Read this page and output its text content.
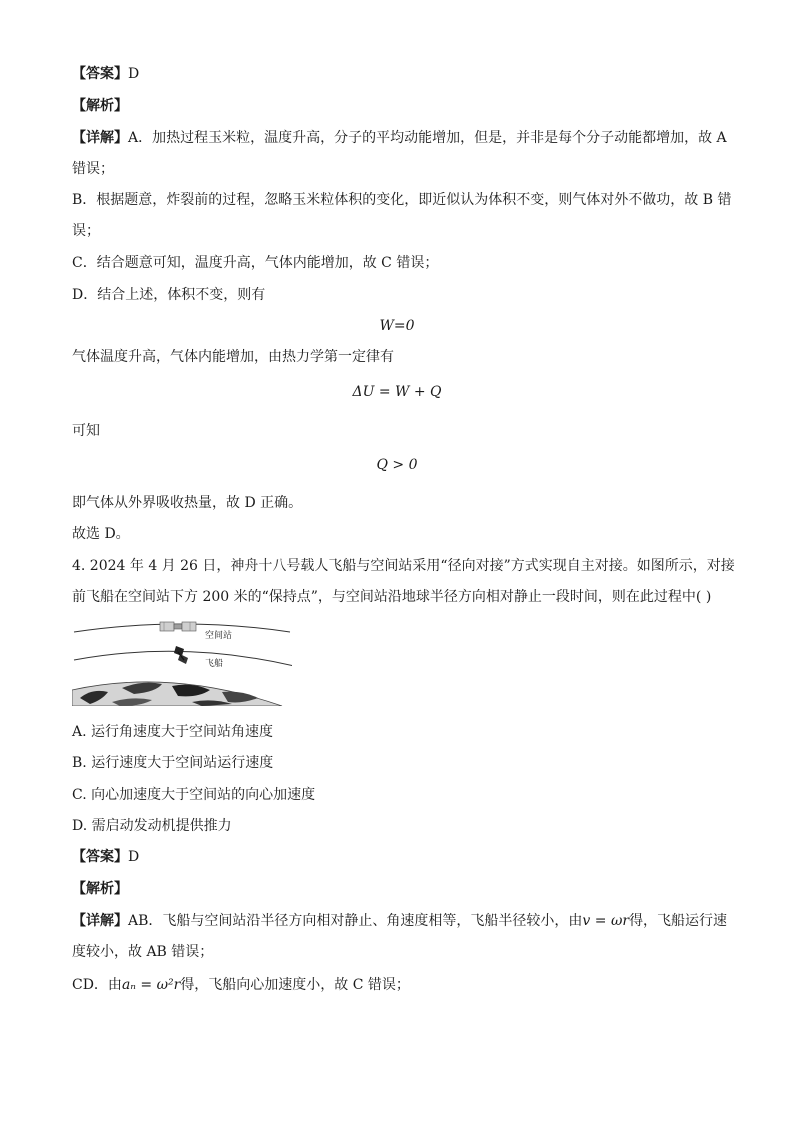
【答案】D
【解析】
【详解】A．加热过程玉米粒，温度升高，分子的平均动能增加，但是，并非是每个分子动能都增加，故 A
错误；
B．根据题意，炸裂前的过程，忽略玉米粒体积的变化，即近似认为体积不变，则气体对外不做功，故 B 错
误；
C．结合题意可知，温度升高，气体内能增加，故 C 错误；
D．结合上述，体积不变，则有
W=0
气体温度升高，气体内能增加，由热力学第一定律有
ΔU = W + Q
可知
Q > 0
即气体从外界吸收热量，故 D 正确。
故选 D。
4. 2024 年 4 月 26 日，神舟十八号载人飞船与空间站采用“径向对接”方式实现自主对接。如图所示，对接
前飞船在空间站下方 200 米的“保持点”，与空间站沿地球半径方向相对静止一段时间，则在此过程中( )
空间站
飞船
A. 运行角速度大于空间站角速度
B. 运行速度大于空间站运行速度
C. 向心加速度大于空间站的向心加速度
D. 需启动发动机提供推力
【答案】D
【解析】
【详解】AB．飞船与空间站沿半径方向相对静止、角速度相等，飞船半径较小，由v = ωr得，飞船运行速
度较小，故 AB 错误；
CD．由aₙ = ω²r得，飞船向心加速度小，故 C 错误；
